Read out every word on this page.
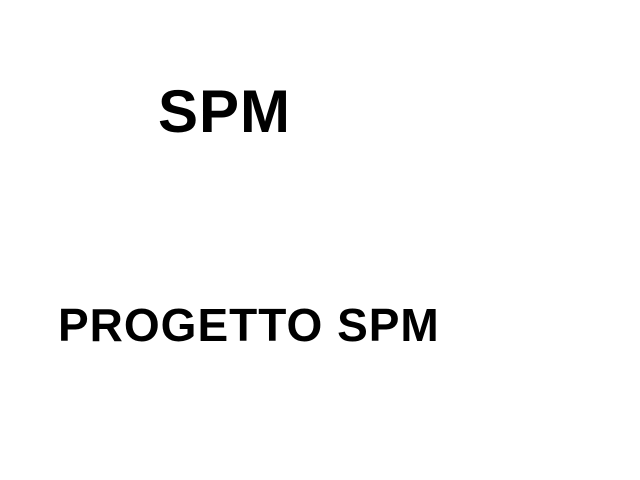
SPM
PROGETTO SPM
